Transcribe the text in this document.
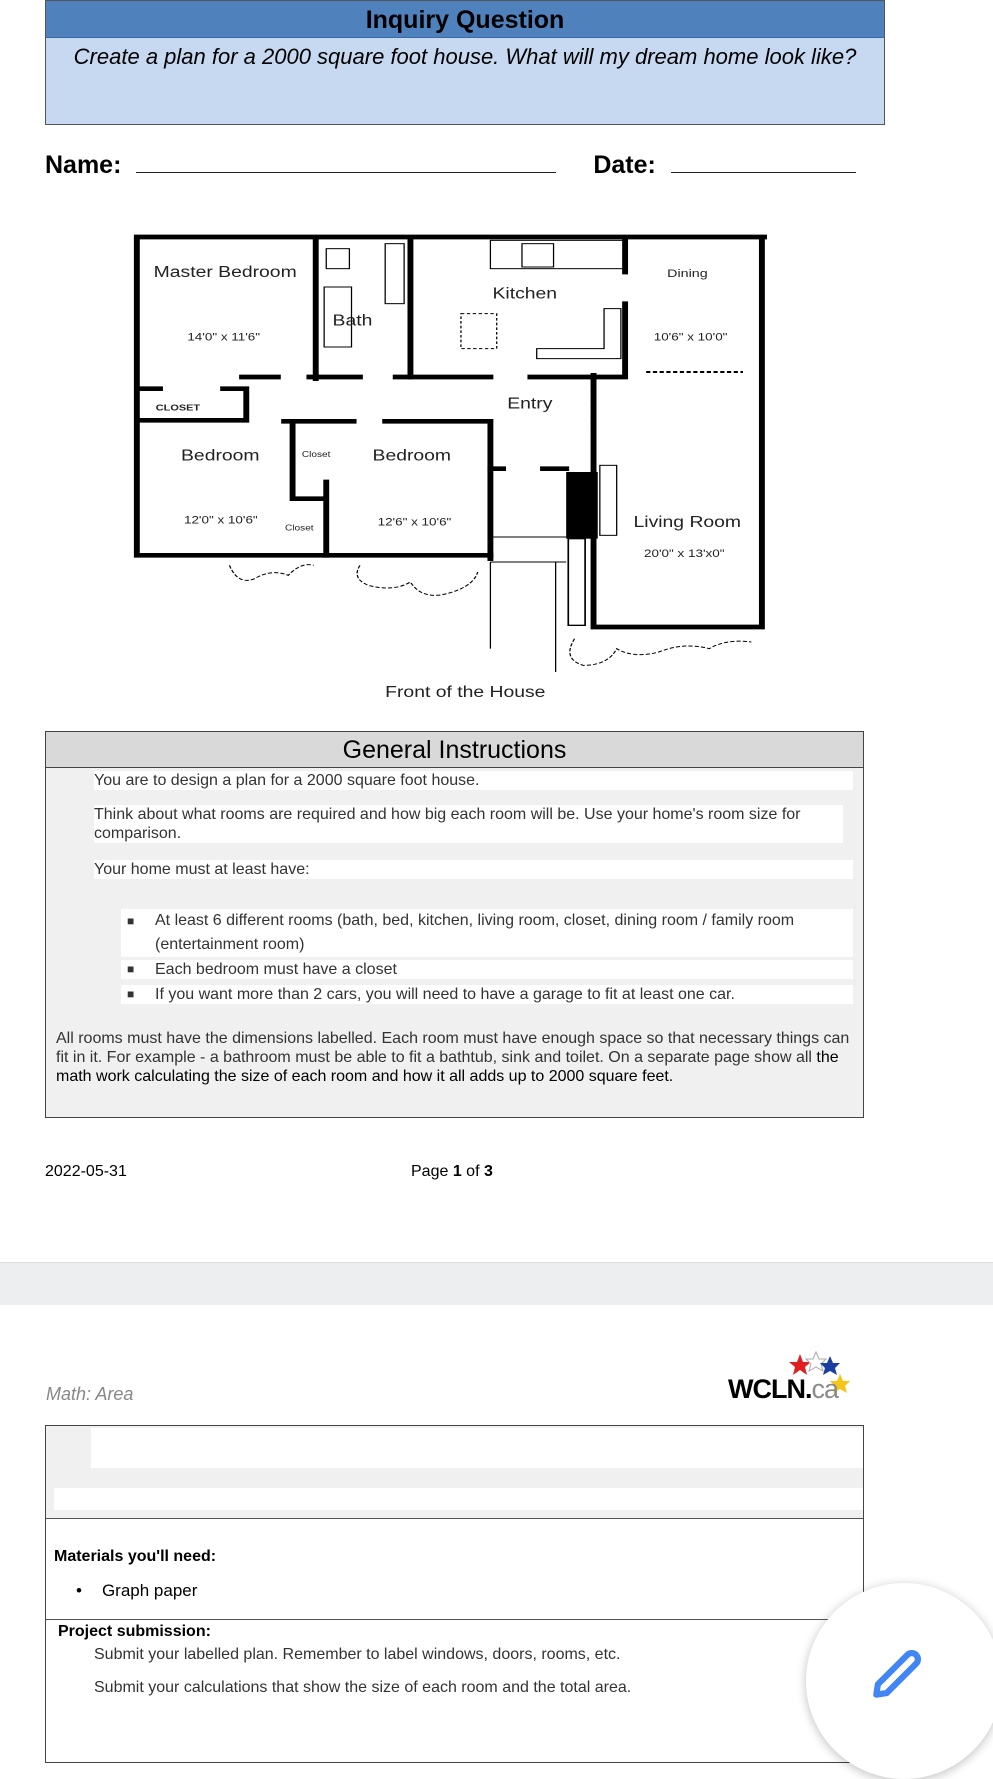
Inquiry Question
Create a plan for a 2000 square foot house. What will my dream home look like?
Name:	Date:
Master Bedroom
14'0" x 11'6"
Bath
Kitchen
Dining
10'6" x 10'0"
Entry
Bedroom
12'0" x 10'6"
Bedroom
12'6" x 10'6"	Living Room
20'0" x 13'x0"
CLOSET
Closet
Closet
Front of the House
General Instructions
You are to design a plan for a 2000 square foot house.
Think about what rooms are required and how big each room will be. Use your home's room size for comparison.
Your home must at least have:
■ At least 6 different rooms (bath, bed, kitchen, living room, closet, dining room / family room (entertainment room)
■ Each bedroom must have a closet
■ If you want more than 2 cars, you will need to have a garage to fit at least one car.
All rooms must have the dimensions labelled. Each room must have enough space so that necessary things can fit in it. For example - a bathroom must be able to fit a bathtub, sink and toilet. On a separate page show all the math work calculating the size of each room and how it all adds up to 2000 square feet.
2022-05-31	Page 1 of 3
Math: Area	WCLN.ca
Materials you'll need:
• Graph paper
Project submission:
Submit your labelled plan. Remember to label windows, doors, rooms, etc.
Submit your calculations that show the size of each room and the total area.
